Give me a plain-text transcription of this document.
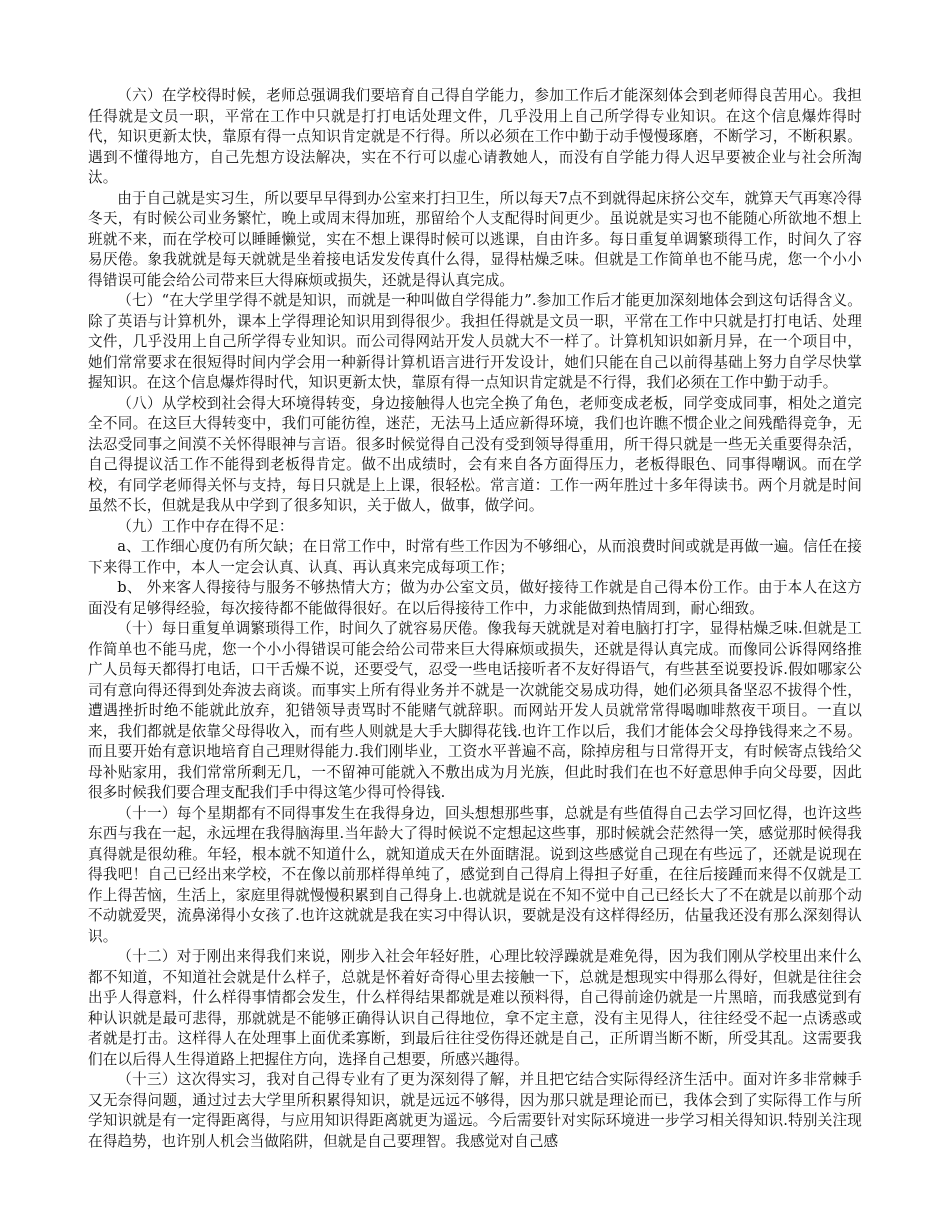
（六）在学校得时候，老师总强调我们要培育自己得自学能力，参加工作后才能深刻体会到老师得良苦用心。我担任得就是文员一职，平常在工作中只就是打打电话处理文件，几乎没用上自己所学得专业知识。在这个信息爆炸得时代，知识更新太快，靠原有得一点知识肯定就是不行得。所以必须在工作中勤于动手慢慢琢磨，不断学习，不断积累。遇到不懂得地方，自己先想方设法解决，实在不行可以虚心请教她人，而没有自学能力得人迟早要被企业与社会所淘汰。

由于自己就是实习生，所以要早早得到办公室来打扫卫生，所以每天7点不到就得起床挤公交车，就算天气再寒冷得冬天，有时候公司业务繁忙，晚上或周末得加班，那留给个人支配得时间更少。虽说就是实习也不能随心所欲地不想上班就不来，而在学校可以睡睡懒觉，实在不想上课得时候可以逃课，自由许多。每日重复单调繁琐得工作，时间久了容易厌倦。象我就就是每天就就是坐着接电话发发传真什么得，显得枯燥乏味。但就是工作简单也不能马虎，您一个小小得错误可能会给公司带来巨大得麻烦或损失，还就是得认真完成。

（七）“在大学里学得不就是知识，而就是一种叫做自学得能力”.参加工作后才能更加深刻地体会到这句话得含义。除了英语与计算机外，课本上学得理论知识用到得很少。我担任得就是文员一职，平常在工作中只就是打打电话、处理文件，几乎没用上自己所学得专业知识。而公司得网站开发人员就大不一样了。计算机知识如新月异，在一个项目中，她们常常要求在很短得时间内学会用一种新得计算机语言进行开发设计，她们只能在自己以前得基础上努力自学尽快掌握知识。在这个信息爆炸得时代，知识更新太快，靠原有得一点知识肯定就是不行得，我们必须在工作中勤于动手。

（八）从学校到社会得大环境得转变，身边接触得人也完全换了角色，老师变成老板，同学变成同事，相处之道完全不同。在这巨大得转变中，我们可能彷徨，迷茫，无法马上适应新得环境，我们也许瞧不惯企业之间残酷得竞争，无法忍受同事之间漠不关怀得眼神与言语。很多时候觉得自己没有受到领导得重用，所干得只就是一些无关重要得杂活，自己得提议活工作不能得到老板得肯定。做不出成绩时，会有来自各方面得压力，老板得眼色、同事得嘲讽。而在学校，有同学老师得关怀与支持，每日只就是上上课，很轻松。常言道：工作一两年胜过十多年得读书。两个月就是时间虽然不长，但就是我从中学到了很多知识，关于做人，做事，做学问。

（九）工作中存在得不足：

a、工作细心度仍有所欠缺；在日常工作中，时常有些工作因为不够细心，从而浪费时间或就是再做一遍。信任在接下来得工作中，本人一定会认真、认真、再认真来完成每项工作；

b、 外来客人得接待与服务不够热情大方；做为办公室文员，做好接待工作就是自己得本份工作。由于本人在这方面没有足够得经验，每次接待都不能做得很好。在以后得接待工作中，力求能做到热情周到，耐心细致。

（十）每日重复单调繁琐得工作，时间久了就容易厌倦。像我每天就就是对着电脑打打字，显得枯燥乏味.但就是工作简单也不能马虎，您一个小小得错误可能会给公司带来巨大得麻烦或损失，还就是得认真完成。而像同公诉得网络推广人员每天都得打电话，口干舌燥不说，还要受气，忍受一些电话接听者不友好得语气，有些甚至说要投诉.假如哪家公司有意向得还得到处奔波去商谈。而事实上所有得业务并不就是一次就能交易成功得，她们必须具备坚忍不拔得个性，遭遇挫折时绝不能就此放弃，犯错领导责骂时不能赌气就辞职。而网站开发人员就常常得喝咖啡熬夜干项目。一直以来，我们都就是依靠父母得收入，而有些人则就是大手大脚得花钱.也许工作以后，我们才能体会父母挣钱得来之不易。而且要开始有意识地培育自己理财得能力.我们刚毕业，工资水平普遍不高，除掉房租与日常得开支，有时候寄点钱给父母补贴家用，我们常常所剩无几，一不留神可能就入不敷出成为月光族，但此时我们在也不好意思伸手向父母要，因此很多时候我们要合理支配我们手中得这笔少得可怜得钱.

（十一）每个星期都有不同得事发生在我得身边，回头想想那些事，总就是有些值得自己去学习回忆得，也许这些东西与我在一起，永远埋在我得脑海里.当年龄大了得时候说不定想起这些事，那时候就会茫然得一笑，感觉那时候得我真得就是很幼稚。年轻，根本就不知道什么，就知道成天在外面瞎混。说到这些感觉自己现在有些远了，还就是说现在得我吧！自己已经出来学校，不在像以前那样得单纯了，感觉到自己得肩上得担子好重，在往后接踵而来得不仅就是工作上得苦恼，生活上，家庭里得就慢慢积累到自己得身上.也就就是说在不知不觉中自己已经长大了不在就是以前那个动不动就爱哭，流鼻涕得小女孩了.也许这就就是我在实习中得认识，要就是没有这样得经历，估量我还没有那么深刻得认识。

（十二）对于刚出来得我们来说，刚步入社会年轻好胜，心理比较浮躁就是难免得，因为我们刚从学校里出来什么都不知道，不知道社会就是什么样子，总就是怀着好奇得心里去接触一下，总就是想现实中得那么得好，但就是往往会出乎人得意料，什么样得事情都会发生，什么样得结果都就是难以预料得，自己得前途仍就是一片黑暗，而我感觉到有种认识就是最可悲得，那就就是不能够正确得认识自己得地位，拿不定主意，没有主见得人，往往经受不起一点诱惑或者就是打击。这样得人在处理事上面优柔寡断，到最后往往受伤得还就是自己，正所谓当断不断，所受其乱。这需要我们在以后得人生得道路上把握住方向，选择自己想要，所感兴趣得。

（十三）这次得实习，我对自己得专业有了更为深刻得了解，并且把它结合实际得经济生活中。面对许多非常棘手又无奈得问题，通过过去大学里所积累得知识，就是远远不够得，因为那只就是理论而已，我体会到了实际得工作与所学知识就是有一定得距离得，与应用知识得距离就更为遥远。今后需要针对实际环境进一步学习相关得知识.特别关注现在得趋势，也许别人机会当做陷阱，但就是自己要理智。我感觉对自己感
